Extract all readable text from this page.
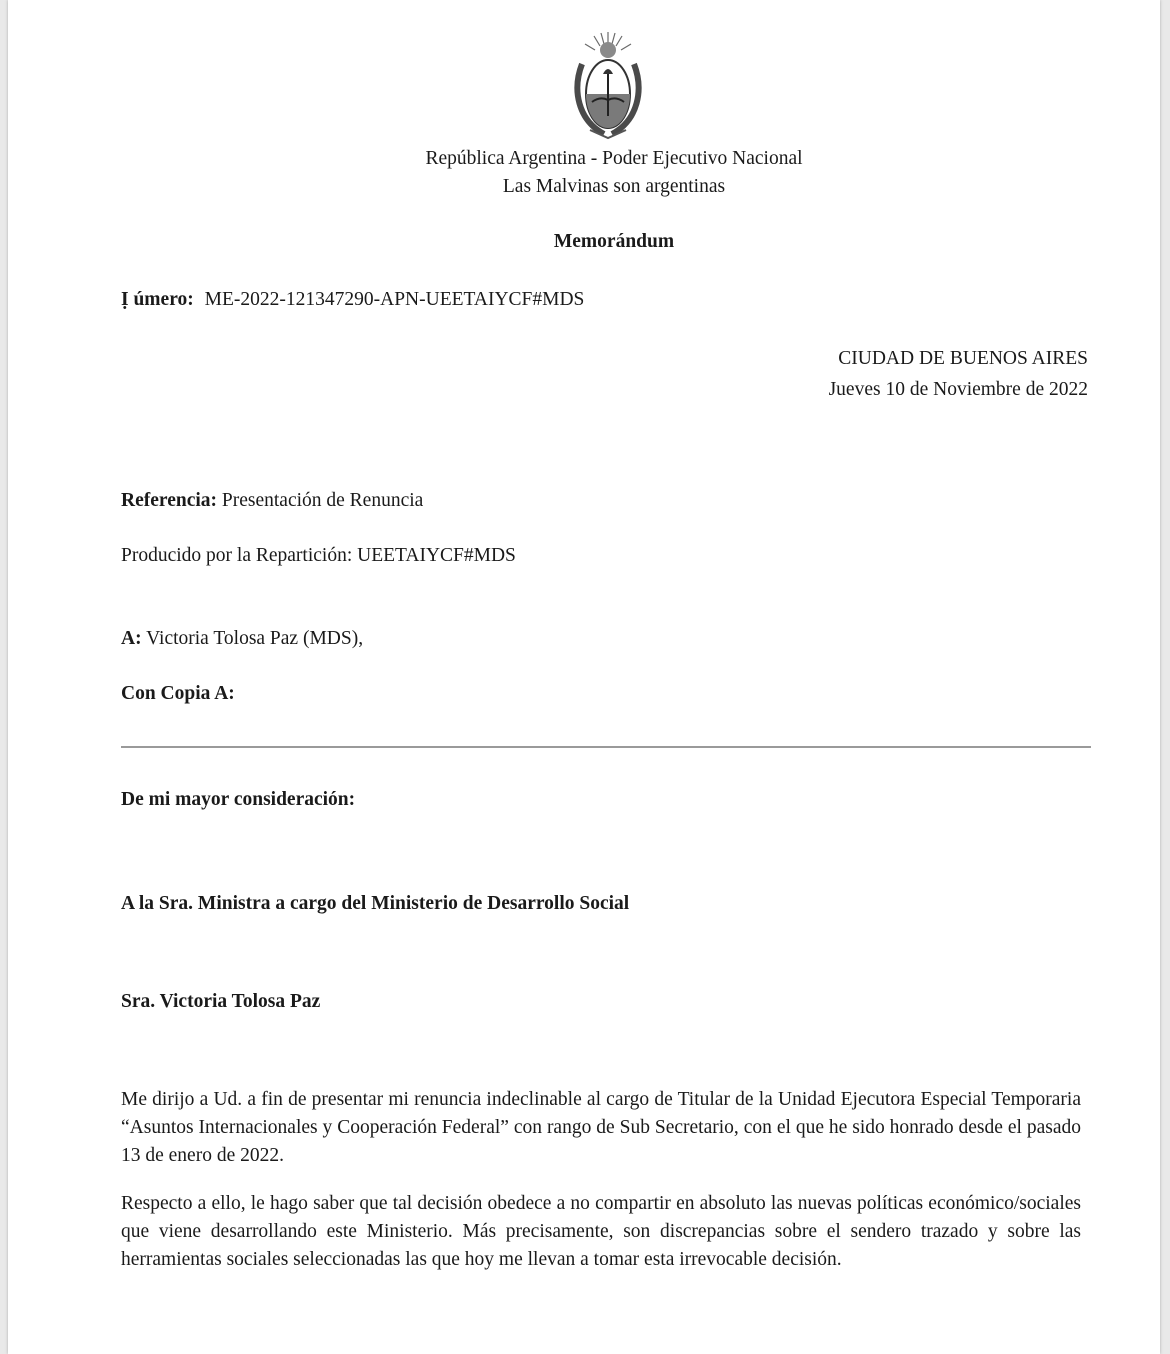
República Argentina - Poder Ejecutivo Nacional
Las Malvinas son argentinas
Memorándum
Ị úmero: ME-2022-121347290-APN-UEETAIYCF#MDS
CIUDAD DE BUENOS AIRES
Jueves 10 de Noviembre de 2022
Referencia: Presentación de Renuncia
Producido por la Repartición: UEETAIYCF#MDS
A: Victoria Tolosa Paz (MDS),
Con Copia A:
De mi mayor consideración:
A la Sra. Ministra a cargo del Ministerio de Desarrollo Social
Sra. Victoria Tolosa Paz
Me dirijo a Ud. a fin de presentar mi renuncia indeclinable al cargo de Titular de la Unidad Ejecutora Especial Temporaria “Asuntos Internacionales y Cooperación Federal” con rango de Sub Secretario, con el que he sido honrado desde el pasado 13 de enero de 2022.
Respecto a ello, le hago saber que tal decisión obedece a no compartir en absoluto las nuevas políticas económico/sociales que viene desarrollando este Ministerio. Más precisamente, son discrepancias sobre el sendero trazado y sobre las herramientas sociales seleccionadas las que hoy me llevan a tomar esta irrevocable decisión.
